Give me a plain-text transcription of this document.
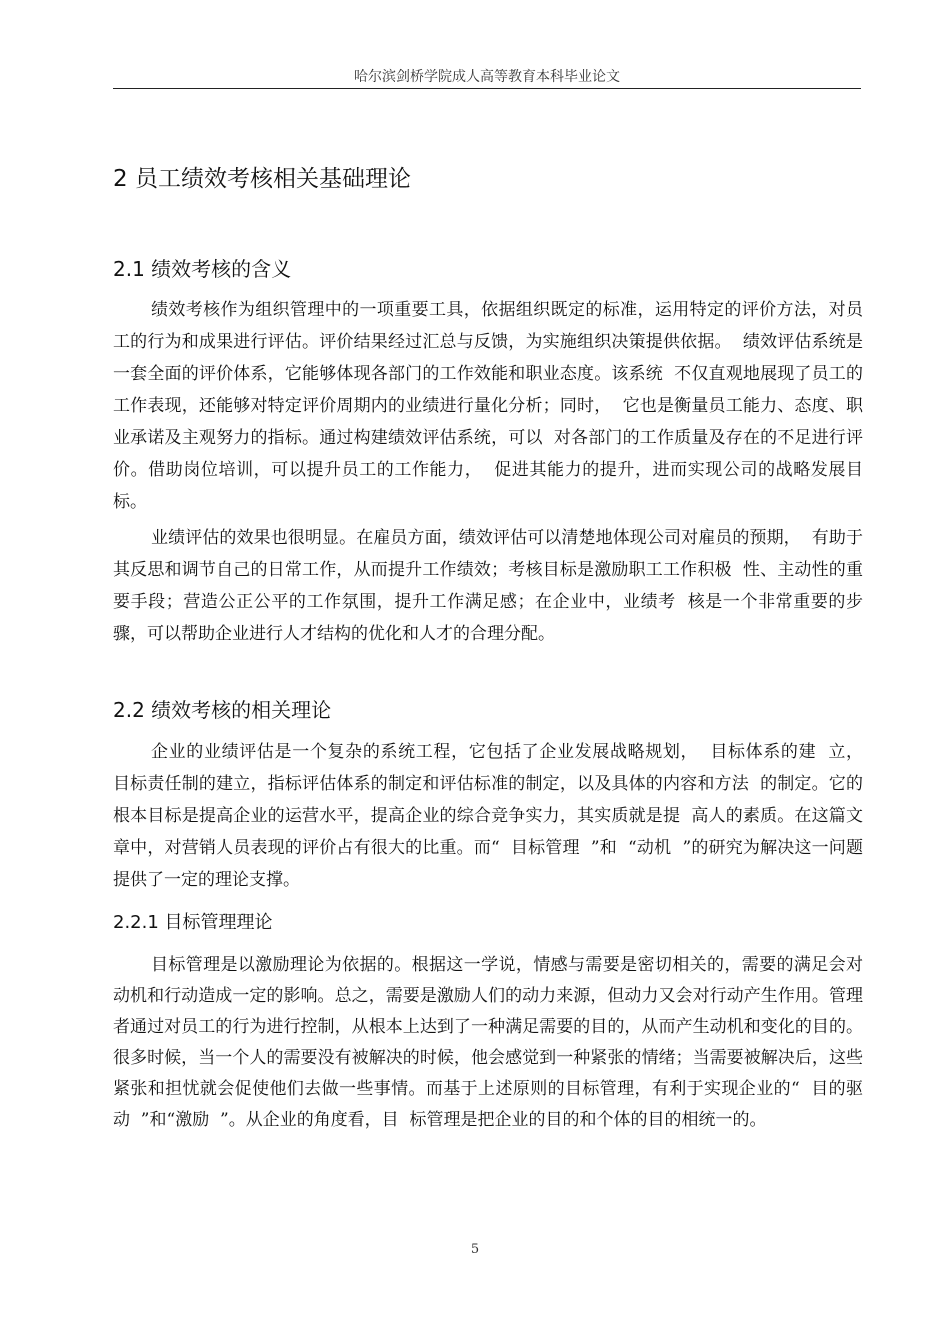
哈尔滨剑桥学院成人高等教育本科毕业论文
2 员工绩效考核相关基础理论
2.1 绩效考核的含义
绩效考核作为组织管理中的一项重要工具，依据组织既定的标准，运用特定的评价方法，对员工的行为和成果进行评估。评价结果经过汇总与反馈，为实施组织决策提供依据。  绩效评估系统是一套全面的评价体系，它能够体现各部门的工作效能和职业态度。该系统  不仅直观地展现了员工的工作表现，还能够对特定评价周期内的业绩进行量化分析；同时，  它也是衡量员工能力、态度、职业承诺及主观努力的指标。通过构建绩效评估系统，可以  对各部门的工作质量及存在的不足进行评价。借助岗位培训，可以提升员工的工作能力，  促进其能力的提升，进而实现公司的战略发展目标。
业绩评估的效果也很明显。在雇员方面，绩效评估可以清楚地体现公司对雇员的预期，  有助于其反思和调节自己的日常工作，从而提升工作绩效；考核目标是激励职工工作积极  性、主动性的重要手段；营造公正公平的工作氛围，提升工作满足感；在企业中，业绩考  核是一个非常重要的步骤，可以帮助企业进行人才结构的优化和人才的合理分配。
2.2 绩效考核的相关理论
企业的业绩评估是一个复杂的系统工程，它包括了企业发展战略规划，  目标体系的建  立，  目标责任制的建立，指标评估体系的制定和评估标准的制定，以及具体的内容和方法  的制定。它的根本目标是提高企业的运营水平，提高企业的综合竞争实力，其实质就是提  高人的素质。在这篇文章中，对营销人员表现的评价占有很大的比重。而“  目标管理  ”和  “动机  ”的研究为解决这一问题提供了一定的理论支撑。
2.2.1 目标管理理论
目标管理是以激励理论为依据的。根据这一学说，情感与需要是密切相关的，需要的满足会对动机和行动造成一定的影响。总之，需要是激励人们的动力来源，但动力又会对行动产生作用。管理者通过对员工的行为进行控制，从根本上达到了一种满足需要的目的，从而产生动机和变化的目的。很多时候，当一个人的需要没有被解决的时候，他会感觉到一种紧张的情绪；当需要被解决后，这些紧张和担忧就会促使他们去做一些事情。而基于上述原则的目标管理，有利于实现企业的“  目的驱动  ”和“激励  ”。从企业的角度看，目  标管理是把企业的目的和个体的目的相统一的。
5
